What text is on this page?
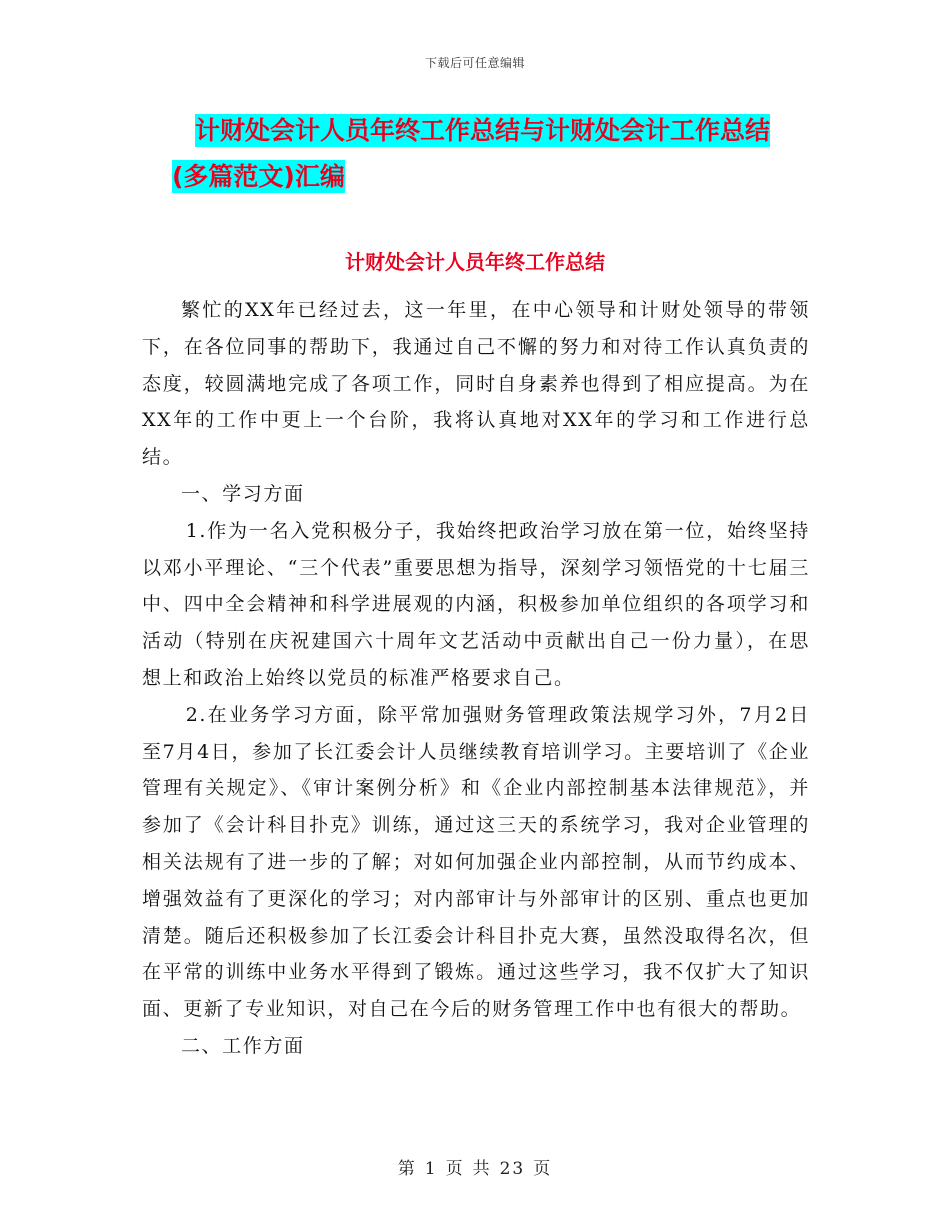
下载后可任意编辑
计财处会计人员年终工作总结与计财处会计工作总结
(多篇范文)汇编
计财处会计人员年终工作总结

繁忙的XX年已经过去，这一年里，在中心领导和计财处领导的带领下，在各位同事的帮助下，我通过自己不懈的努力和对待工作认真负责的态度，较圆满地完成了各项工作，同时自身素养也得到了相应提高。为在XX年的工作中更上一个台阶，我将认真地对XX年的学习和工作进行总结。

一、学习方面

1.作为一名入党积极分子，我始终把政治学习放在第一位，始终坚持以邓小平理论、“三个代表”重要思想为指导，深刻学习领悟党的十七届三中、四中全会精神和科学进展观的内涵，积极参加单位组织的各项学习和活动（特别在庆祝建国六十周年文艺活动中贡献出自己一份力量），在思想上和政治上始终以党员的标准严格要求自己。

2.在业务学习方面，除平常加强财务管理政策法规学习外，7月2日至7月4日，参加了长江委会计人员继续教育培训学习。主要培训了《企业管理有关规定》、《审计案例分析》和《企业内部控制基本法律规范》，并参加了《会计科目扑克》训练，通过这三天的系统学习，我对企业管理的相关法规有了进一步的了解；对如何加强企业内部控制，从而节约成本、增强效益有了更深化的学习；对内部审计与外部审计的区别、重点也更加清楚。随后还积极参加了长江委会计科目扑克大赛，虽然没取得名次，但在平常的训练中业务水平得到了锻炼。通过这些学习，我不仅扩大了知识面、更新了专业知识，对自己在今后的财务管理工作中也有很大的帮助。

二、工作方面

第 1 页 共 23 页
